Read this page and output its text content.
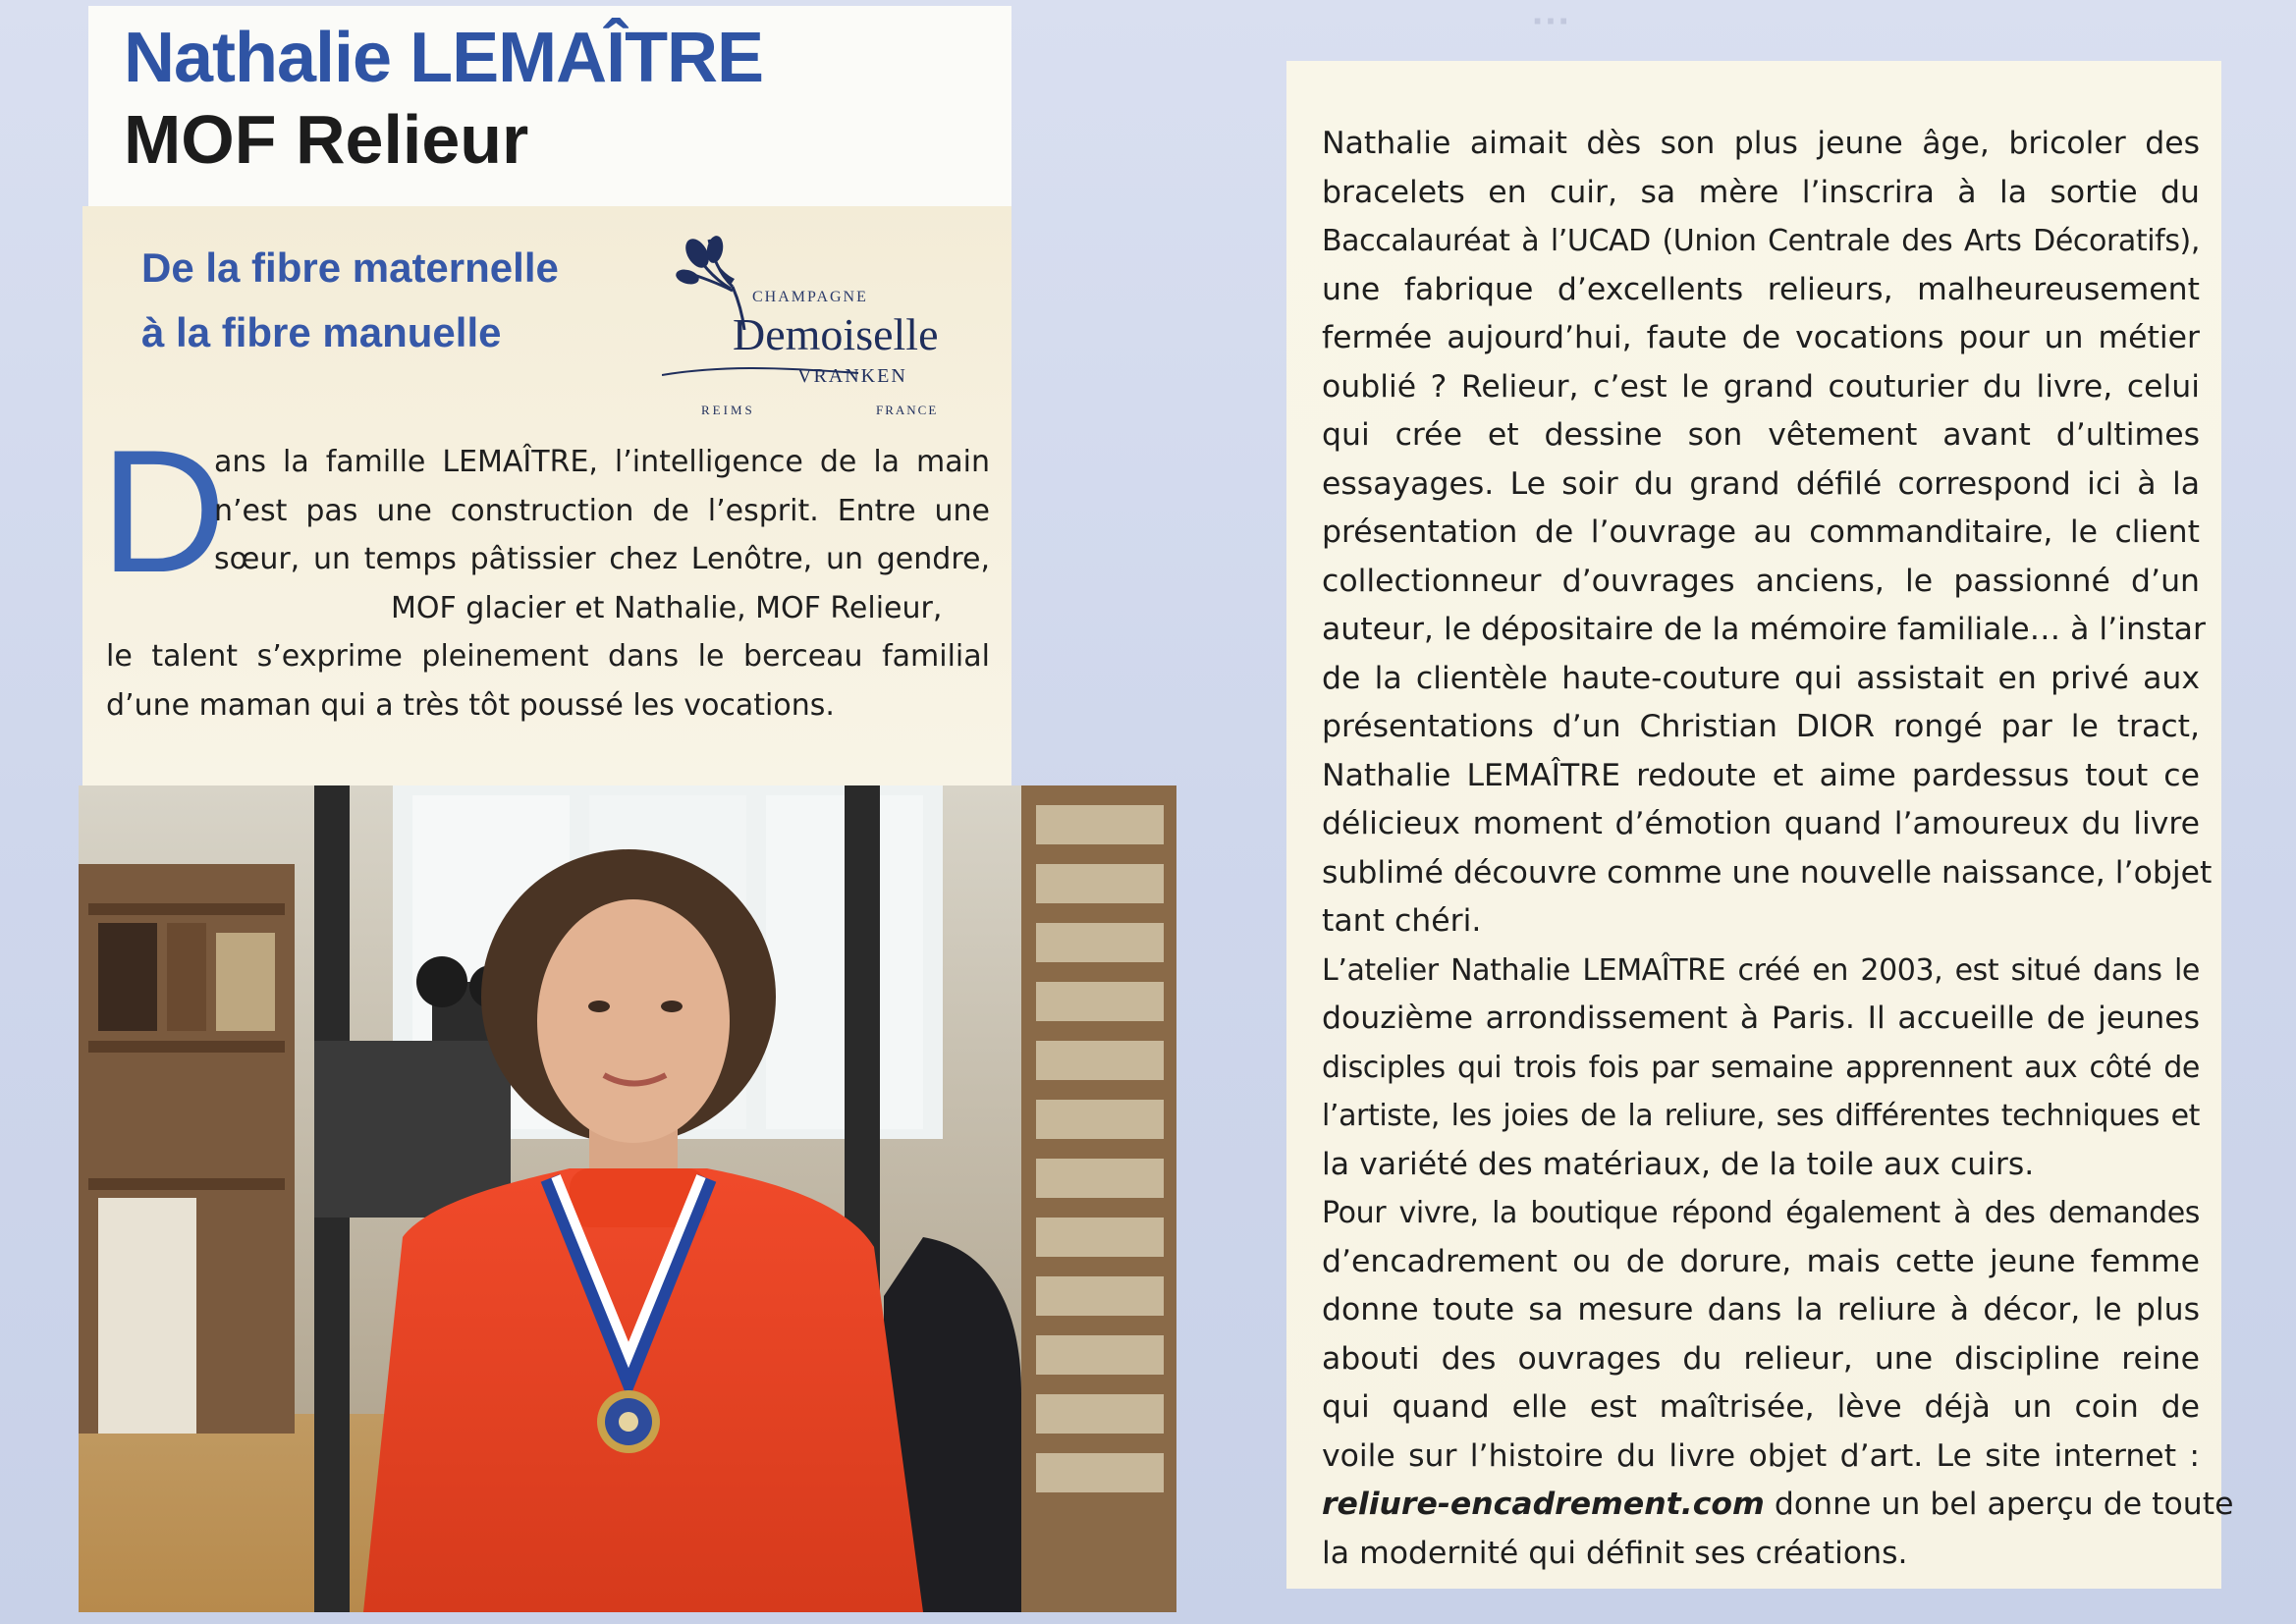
···
Nathalie LEMAÎTRE
MOF Relieur
De la fibre maternelle
à la fibre manuelle
CHAMPAGNE
Demoiselle
VRANKEN
REIMS	FRANCE
D

ans la famille LEMAÎTRE, l’intelligence de la main
n’est pas une construction de l’esprit. Entre une
sœur, un temps pâtissier chez Lenôtre, un gendre,
MOF glacier et Nathalie, MOF Relieur,
le talent s’exprime pleinement dans le berceau familial
d’une maman qui a très tôt poussé les vocations.

Nathalie aimait dès son plus jeune âge, bricoler des
bracelets en cuir, sa mère l’inscrira à la sortie du
Baccalauréat à l’UCAD (Union Centrale des Arts Décoratifs),
une fabrique d’excellents relieurs, malheureusement
fermée aujourd’hui, faute de vocations pour un métier
oublié ? Relieur, c’est le grand couturier du livre, celui
qui crée et dessine son vêtement avant d’ultimes
essayages. Le soir du grand défilé correspond ici à la
présentation de l’ouvrage au commanditaire, le client
collectionneur d’ouvrages anciens, le passionné d’un
auteur, le dépositaire de la mémoire familiale… à l’instar
de la clientèle haute-couture qui assistait en privé aux
présentations d’un Christian DIOR rongé par le tract,
Nathalie LEMAÎTRE redoute et aime pardessus tout ce
délicieux moment d’émotion quand l’amoureux du livre
sublimé découvre comme une nouvelle naissance, l’objet
tant chéri.
L’atelier Nathalie LEMAÎTRE créé en 2003, est situé dans le
douzième arrondissement à Paris. Il accueille de jeunes
disciples qui trois fois par semaine apprennent aux côté de
l’artiste, les joies de la reliure, ses différentes techniques et
la variété des matériaux, de la toile aux cuirs.
Pour vivre, la boutique répond également à des demandes
d’encadrement ou de dorure, mais cette jeune femme
donne toute sa mesure dans la reliure à décor, le plus
abouti des ouvrages du relieur, une discipline reine
qui quand elle est maîtrisée, lève déjà un coin de
voile sur l’histoire du livre objet d’art. Le site internet :
reliure-encadrement.com donne un bel aperçu de toute
la modernité qui définit ses créations.
